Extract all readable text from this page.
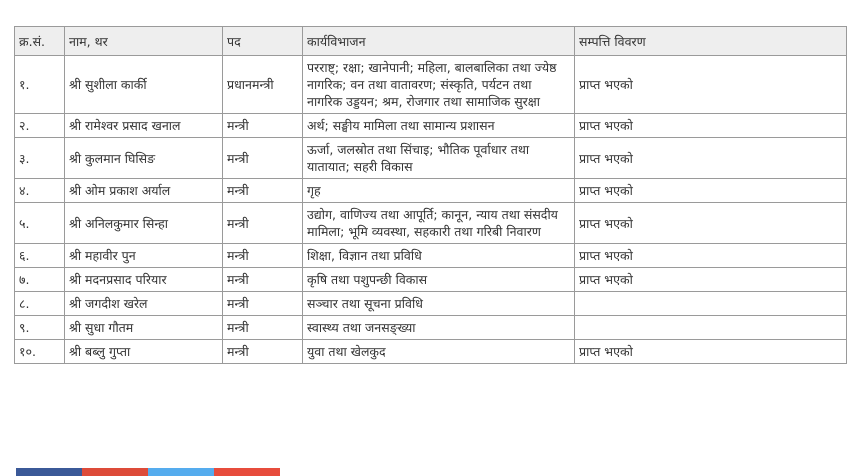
क्र.सं.	नाम, थर	पद	कार्यविभाजन	सम्पत्ति विवरण
१.	श्री सुशीला कार्की	प्रधानमन्त्री	परराष्ट्; रक्षा; खानेपानी; महिला, बालबालिका तथा ज्येष्ठ नागरिक; वन तथा वातावरण; संस्कृति, पर्यटन तथा नागरिक उड्डयन; श्रम, रोजगार तथा सामाजिक सुरक्षा	प्राप्त भएको
२.	श्री रामेश्वर प्रसाद खनाल	मन्त्री	अर्थ; सङ्घीय मामिला तथा सामान्य प्रशासन	प्राप्त भएको
३.	श्री कुलमान घिसिङ	मन्त्री	ऊर्जा, जलस्रोत तथा सिंचाइ; भौतिक पूर्वाधार तथा यातायात; सहरी विकास	प्राप्त भएको
४.	श्री ओम प्रकाश अर्याल	मन्त्री	गृह	प्राप्त भएको
५.	श्री अनिलकुमार सिन्हा	मन्त्री	उद्योग, वाणिज्य तथा आपूर्ति; कानून, न्याय तथा संसदीय मामिला; भूमि व्यवस्था, सहकारी तथा गरिबी निवारण	प्राप्त भएको
६.	श्री महावीर पुन	मन्त्री	शिक्षा, विज्ञान तथा प्रविधि	प्राप्त भएको
७.	श्री मदनप्रसाद परियार	मन्त्री	कृषि तथा पशुपन्छी विकास	प्राप्त भएको
८.	श्री जगदीश खरेल	मन्त्री	सञ्चार तथा सूचना प्रविधि	
९.	श्री सुधा गौतम	मन्त्री	स्वास्थ्य तथा जनसङ्ख्या	
१०.	श्री बब्लु गुप्ता	मन्त्री	युवा तथा खेलकुद	प्राप्त भएको
